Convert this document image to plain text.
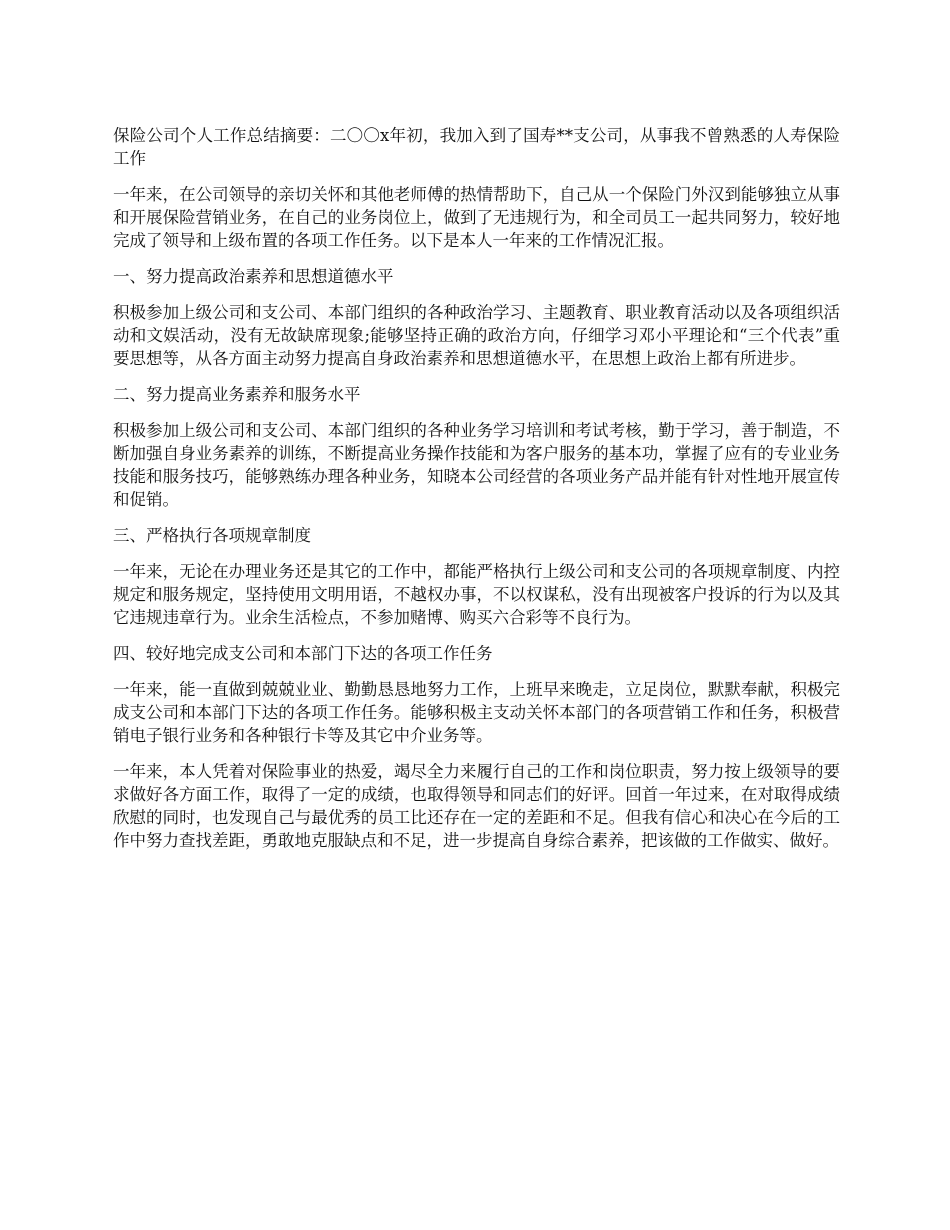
保险公司个人工作总结摘要：二〇〇x年初，我加入到了国寿**支公司，从事我不曾熟悉的人寿保险工作

一年来，在公司领导的亲切关怀和其他老师傅的热情帮助下，自己从一个保险门外汉到能够独立从事和开展保险营销业务，在自己的业务岗位上，做到了无违规行为，和全司员工一起共同努力，较好地完成了领导和上级布置的各项工作任务。以下是本人一年来的工作情况汇报。

一、努力提高政治素养和思想道德水平

积极参加上级公司和支公司、本部门组织的各种政治学习、主题教育、职业教育活动以及各项组织活动和文娱活动，没有无故缺席现象;能够坚持正确的政治方向，仔细学习邓小平理论和“三个代表”重要思想等，从各方面主动努力提高自身政治素养和思想道德水平，在思想上政治上都有所进步。

二、努力提高业务素养和服务水平

积极参加上级公司和支公司、本部门组织的各种业务学习培训和考试考核，勤于学习，善于制造，不断加强自身业务素养的训练，不断提高业务操作技能和为客户服务的基本功，掌握了应有的专业业务技能和服务技巧，能够熟练办理各种业务，知晓本公司经营的各项业务产品并能有针对性地开展宣传和促销。

三、严格执行各项规章制度

一年来，无论在办理业务还是其它的工作中，都能严格执行上级公司和支公司的各项规章制度、内控规定和服务规定，坚持使用文明用语，不越权办事，不以权谋私，没有出现被客户投诉的行为以及其它违规违章行为。业余生活检点，不参加赌博、购买六合彩等不良行为。

四、较好地完成支公司和本部门下达的各项工作任务

一年来，能一直做到兢兢业业、勤勤恳恳地努力工作，上班早来晚走，立足岗位，默默奉献，积极完成支公司和本部门下达的各项工作任务。能够积极主支动关怀本部门的各项营销工作和任务，积极营销电子银行业务和各种银行卡等及其它中介业务等。

一年来，本人凭着对保险事业的热爱，竭尽全力来履行自己的工作和岗位职责，努力按上级领导的要求做好各方面工作，取得了一定的成绩，也取得领导和同志们的好评。回首一年过来，在对取得成绩欣慰的同时，也发现自己与最优秀的员工比还存在一定的差距和不足。但我有信心和决心在今后的工作中努力查找差距，勇敢地克服缺点和不足，进一步提高自身综合素养，把该做的工作做实、做好。
